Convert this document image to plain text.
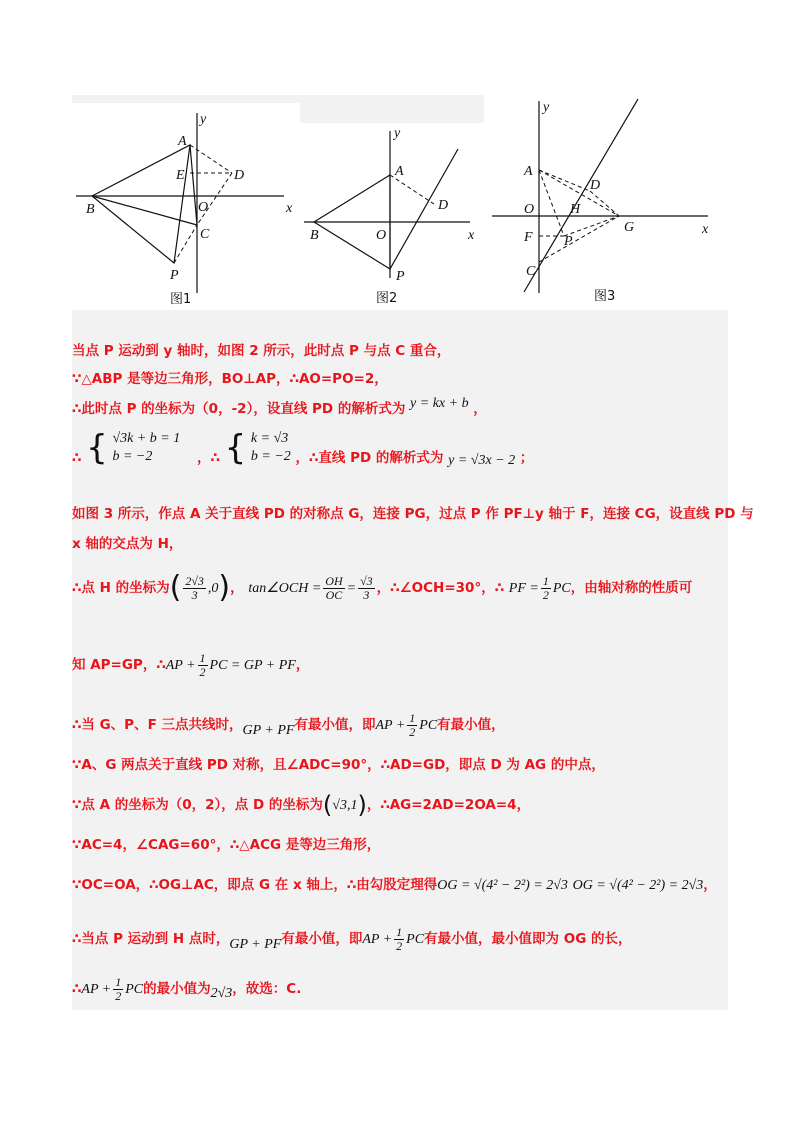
y
x
A
B
E	D
O
C
P
图1
y
x
A
B
D
O
P
图2
y
x
A
D
O	H
G
F P
C
图3
当点 P 运动到 y 轴时，如图 2 所示，此时点 P 与点 C 重合，
∵△ABP 是等边三角形，BO⊥AP，∴AO=PO=2，
∴此时点 P 的坐标为（0，-2），设直线 PD 的解析式为 y = kx + b ，
∴ { √3k + b = 1
b = −2	，∴ { k = √3
b = −2 ，∴直线 PD 的解析式为 y = √3x − 2 ；
如图 3 所示，作点 A 关于直线 PD 的对称点 G，连接 PG，过点 P 作 PF⊥y 轴于 F，连接 CG，设直线 PD 与
x 轴的交点为 H，
∴点 H 的坐标为( $\frac{2√3}{3} ,0$)， tan∠OCH = $\frac{OH}{OC} = \frac{√3}{3}$ ，∴∠OCH=30°，∴ PF = $\frac{1}{2}$ PC，由轴对称的性质可
知 AP=GP，∴AP + $\frac{1}{2}$ PC = GP + PF，
∴当 G、P、F 三点共线时，GP + PF有最小值，即AP + $\frac{1}{2}$ PC有最小值，
∵A、G 两点关于直线 PD 对称，且∠ADC=90°，∴AD=GD，即点 D 为 AG 的中点，
∵点 A 的坐标为（0，2），点 D 的坐标为(√3,1)，∴AG=2AD=2OA=4，
∵AC=4，∠CAG=60°，∴△ACG 是等边三角形，
∵OC=OA，∴OG⊥AC，即点 G 在 x 轴上，∴由勾股定理得OG = √(4² − 2²) = 2√3 OG = √(4² − 2²) = 2√3，
∴当点 P 运动到 H 点时，GP + PF有最小值，即AP + $\frac{1}{2}$ PC有最小值，最小值即为 OG 的长，
∴AP + $\frac{1}{2}$ PC的最小值为2√3，故选：C.
